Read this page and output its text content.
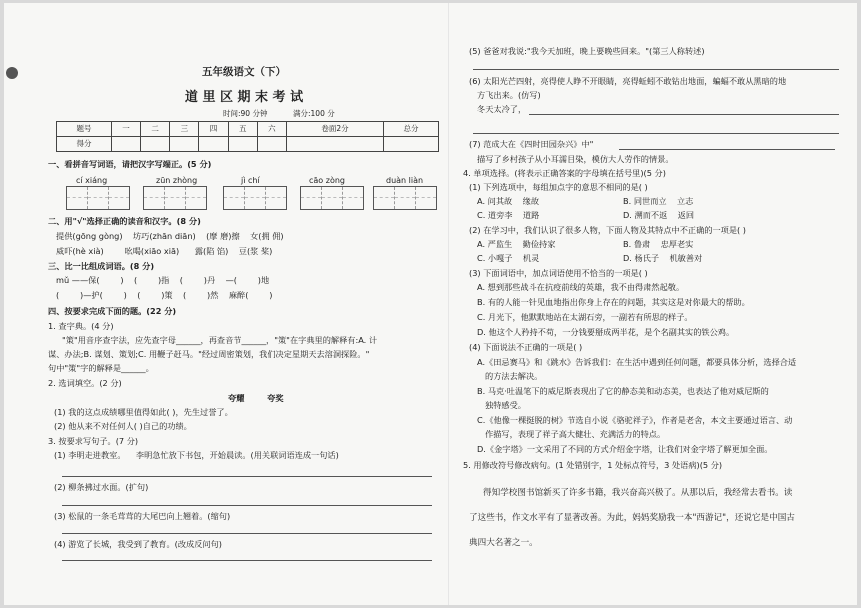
五年级语文（下）
道 里 区 期 末 考 试
时间:90 分钟	满分:100 分
题号	一	二	三	四	五	六	卷面2分	总分
得分								
一、看拼音写词语，请把汉字写端正。(5 分)
cí xiáng	zūn zhòng	jì chí	cāo zòng	duàn liàn
二、用"√"选择正确的读音和汉字。(8 分)
提供(gōng gòng)    坊巧(zhān diān)    (摩 磨)擦    女(拥 佣)
威吓(hè xià)        吆喝(xiāo xiā)      露(陷 馅)    豆(浆 桨)
三、比一比组成词语。(8 分)
mǔ ——保(        )    (        )指    (        )丹    —(        )地
(        )—护(        )    (        )策    (        )然    麻醉(        )
四、按要求完成下面的题。(22 分)
1. 查字典。(4 分)
"策"用音序查字法，应先查字母______，再查音节______，"策"在字典里的解释有:A. 计
谋、办法;B. 谋划、策划;C. 用鞭子赶马。"经过周密策划，我们决定星期天去溶洞探险。"
句中"策"字的解释是______。
2. 选词填空。(2 分)
夸耀        夸奖
(1) 我的这点成绩哪里值得如此( )，先生过誉了。
(2) 他从来不对任何人( )自己的功绩。
3. 按要求写句子。(7 分)
(1) 李明走进教室。    李明急忙放下书包，开始晨读。(用关联词语连成一句话)
(2) 柳条拂过水面。(扩句)
(3) 松鼠的一条毛茸茸的大尾巴向上翘着。(缩句)
(4) 游览了长城，我受到了教育。(改成反问句)
(5) 爸爸对我说:"我今天加班，晚上要晚些回来。"(第三人称转述)
(6) 太阳光芒四射，亮得使人睁不开眼睛，亮得蚯蚓不敢钻出地面，蝙蝠不敢从黑暗的地
方飞出来。(仿写)
冬天太冷了，
(7) 范成大在《四时田园杂兴》中"
描写了乡村孩子从小耳濡目染，模仿大人劳作的情景。
4. 单项选择。(将表示正确答案的字母填在括号里)(5 分)
(1) 下列选项中，每组加点字的意思不相同的是( )
A. 问其故    缘故	B. 同世而立    立志
C. 道旁李    道路	D. 溯而不返    返回
(2) 在学习中，我们认识了很多人物，下面人物及其特点中不正确的一项是( )
A. 严监生    勤俭持家	B. 鲁肃    忠厚老实
C. 小嘎子    机灵	D. 杨氏子    机敏善对
(3) 下面词语中，加点词语使用不恰当的一项是( )
A. 想到那些战斗在抗疫前线的英雄，我不由得肃然起敬。
B. 有的人能一针见血地指出你身上存在的问题，其实这是对你最大的帮助。
C. 月光下，他默默地站在太湖石旁，一副若有所思的样子。
D. 他这个人矜持不苟，一分钱要掰成两半花，是个名副其实的铁公鸡。
(4) 下面说法不正确的一项是( )
A.《田忌赛马》和《跳水》告诉我们：在生活中遇到任何问题，都要具体分析，选择合适
的方法去解决。
B. 马克·吐温笔下的威尼斯表现出了它的静态美和动态美，也表达了他对威尼斯的
独特感受。
C.《他像一棵挺脱的树》节选自小说《骆驼祥子》，作者是老舍，本文主要通过语言、动
作描写，表现了祥子高大健壮、充满活力的特点。
D.《金字塔》一文采用了不同的方式介绍金字塔，让我们对金字塔了解更加全面。
5. 用修改符号修改病句。(1 处错别字，1 处标点符号，3 处语病)(5 分)
得知学校图书馆新买了许多书籍，我兴奋高兴极了。从那以后，我经常去看书。读
了这些书，作文水平有了显著改善。为此，妈妈奖励我一本"西游记"，还说它是中国古
典四大名著之一。
